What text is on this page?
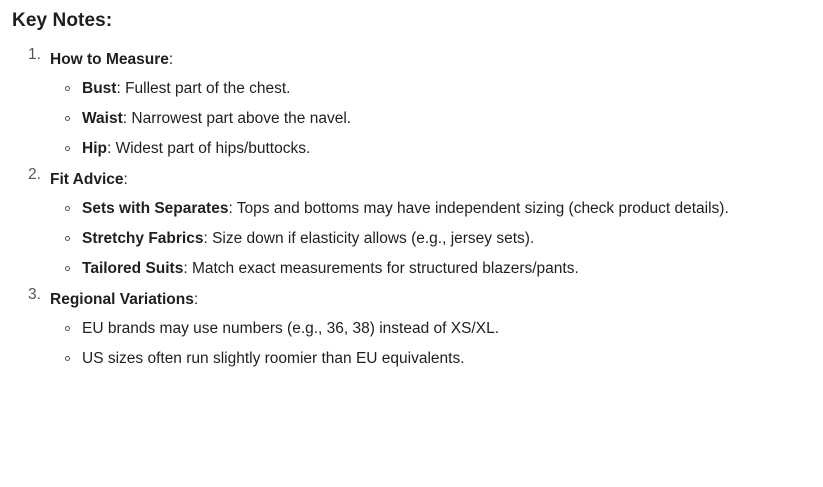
Key Notes:
1. How to Measure:
Bust: Fullest part of the chest.
Waist: Narrowest part above the navel.
Hip: Widest part of hips/buttocks.
2. Fit Advice:
Sets with Separates: Tops and bottoms may have independent sizing (check product details).
Stretchy Fabrics: Size down if elasticity allows (e.g., jersey sets).
Tailored Suits: Match exact measurements for structured blazers/pants.
3. Regional Variations:
EU brands may use numbers (e.g., 36, 38) instead of XS/XL.
US sizes often run slightly roomier than EU equivalents.
